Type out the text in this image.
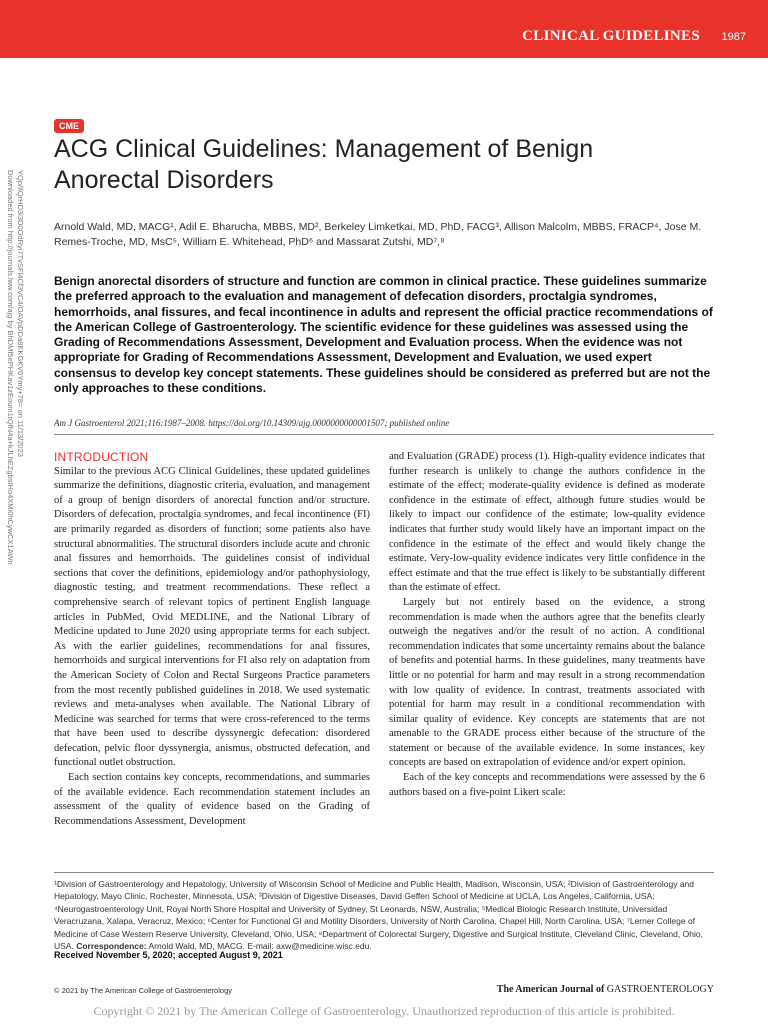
CLINICAL GUIDELINES 1987
Downloaded from http://journals.lww.com/ajg by BhDMf5ePHKav1zEoum1tQfN4a+kJLhEZgbsIHo4XMi0hCywCX1AWn YQp/IlQrHD3i3D0OdRyi7TvSFl4Cf3VC4/OAVpDDa8KKGKV0Ymy+78= on 11/13/2023
CME
ACG Clinical Guidelines: Management of Benign Anorectal Disorders
Arnold Wald, MD, MACG¹, Adil E. Bharucha, MBBS, MD², Berkeley Limketkai, MD, PhD, FACG³, Allison Malcolm, MBBS, FRACP⁴, Jose M. Remes-Troche, MD, MsC⁵, William E. Whitehead, PhD⁶ and Massarat Zutshi, MD⁷,⁸
Benign anorectal disorders of structure and function are common in clinical practice. These guidelines summarize the preferred approach to the evaluation and management of defecation disorders, proctalgia syndromes, hemorrhoids, anal fissures, and fecal incontinence in adults and represent the official practice recommendations of the American College of Gastroenterology. The scientific evidence for these guidelines was assessed using the Grading of Recommendations Assessment, Development and Evaluation process. When the evidence was not appropriate for Grading of Recommendations Assessment, Development and Evaluation, we used expert consensus to develop key concept statements. These guidelines should be considered as preferred but are not the only approaches to these conditions.
Am J Gastroenterol 2021;116:1987–2008. https://doi.org/10.14309/ajg.0000000000001507; published online
INTRODUCTION

Similar to the previous ACG Clinical Guidelines, these updated guidelines summarize the definitions, diagnostic criteria, evaluation, and management of a group of benign disorders of anorectal function and/or structure. Disorders of defecation, proctalgia syndromes, and fecal incontinence (FI) are primarily regarded as disorders of function; some patients also have structural abnormalities. The structural disorders include acute and chronic anal fissures and hemorrhoids. The guidelines consist of individual sections that cover the definitions, epidemiology and/or pathophysiology, diagnostic testing, and treatment recommendations. These reflect a comprehensive search of relevant topics of pertinent English language articles in PubMed, Ovid MEDLINE, and the National Library of Medicine updated to June 2020 using appropriate terms for each subject. As with the earlier guidelines, recommendations for anal fissures, hemorrhoids and surgical interventions for FI also rely on adaptation from the American Society of Colon and Rectal Surgeons Practice parameters from the most recently published guidelines in 2018. We used systematic reviews and meta-analyses when available. The National Library of Medicine was searched for terms that were cross-referenced to the terms that have been used to describe dyssynergic defecation: disordered defecation, pelvic floor dyssynergia, anismus, obstructed defecation, and functional outlet obstruction.

Each section contains key concepts, recommendations, and summaries of the available evidence. Each recommendation statement includes an assessment of the quality of evidence based on the Grading of Recommendations Assessment, Development

and Evaluation (GRADE) process (1). High-quality evidence indicates that further research is unlikely to change the authors confidence in the estimate of the effect; moderate-quality evidence is defined as moderate confidence in the estimate of effect, although future studies would be likely to impact our confidence of the estimate; low-quality evidence indicates that further study would likely have an important impact on the confidence in the estimate of the effect and would likely change the estimate. Very-low-quality evidence indicates very little confidence in the effect estimate and that the true effect is likely to be substantially different than the estimate of effect.

Largely but not entirely based on the evidence, a strong recommendation is made when the authors agree that the benefits clearly outweigh the negatives and/or the result of no action. A conditional recommendation indicates that some uncertainty remains about the balance of benefits and potential harms. In these guidelines, many treatments have little or no potential for harm and may result in a strong recommendation with low quality of evidence. In contrast, treatments associated with potential for harm may result in a conditional recommendation with similar quality of evidence. Key concepts are statements that are not amenable to the GRADE process either because of the structure of the statement or because of the available evidence. In some instances, key concepts are based on extrapolation of evidence and/or expert opinion.

Each of the key concepts and recommendations were assessed by the 6 authors based on a five-point Likert scale:

¹Division of Gastroenterology and Hepatology, University of Wisconsin School of Medicine and Public Health, Madison, Wisconsin, USA; ²Division of Gastroenterology and Hepatology, Mayo Clinic, Rochester, Minnesota, USA; ³Division of Digestive Diseases, David Geffen School of Medicine at UCLA, Los Angeles, California, USA; ⁴Neurogastroenterology Unit, Royal North Shore Hospital and University of Sydney, St Leonards, NSW, Australia; ⁵Medical Biologic Research Institute, Universidad Veracruzana, Xalapa, Veracruz, Mexico; ⁶Center for Functional GI and Motility Disorders, University of North Carolina, Chapel Hill, North Carolina, USA; ⁷Lerner College of Medicine of Case Western Reserve University, Cleveland, Ohio, USA; ⁸Department of Colorectal Surgery, Digestive and Surgical Institute, Cleveland Clinic, Cleveland, Ohio, USA. Correspondence: Arnold Wald, MD, MACG. E-mail: axw@medicine.wisc.edu.
Received November 5, 2020; accepted August 9, 2021
© 2021 by The American College of Gastroenterology	The American Journal of GASTROENTEROLOGY
Copyright © 2021 by The American College of Gastroenterology. Unauthorized reproduction of this article is prohibited.
